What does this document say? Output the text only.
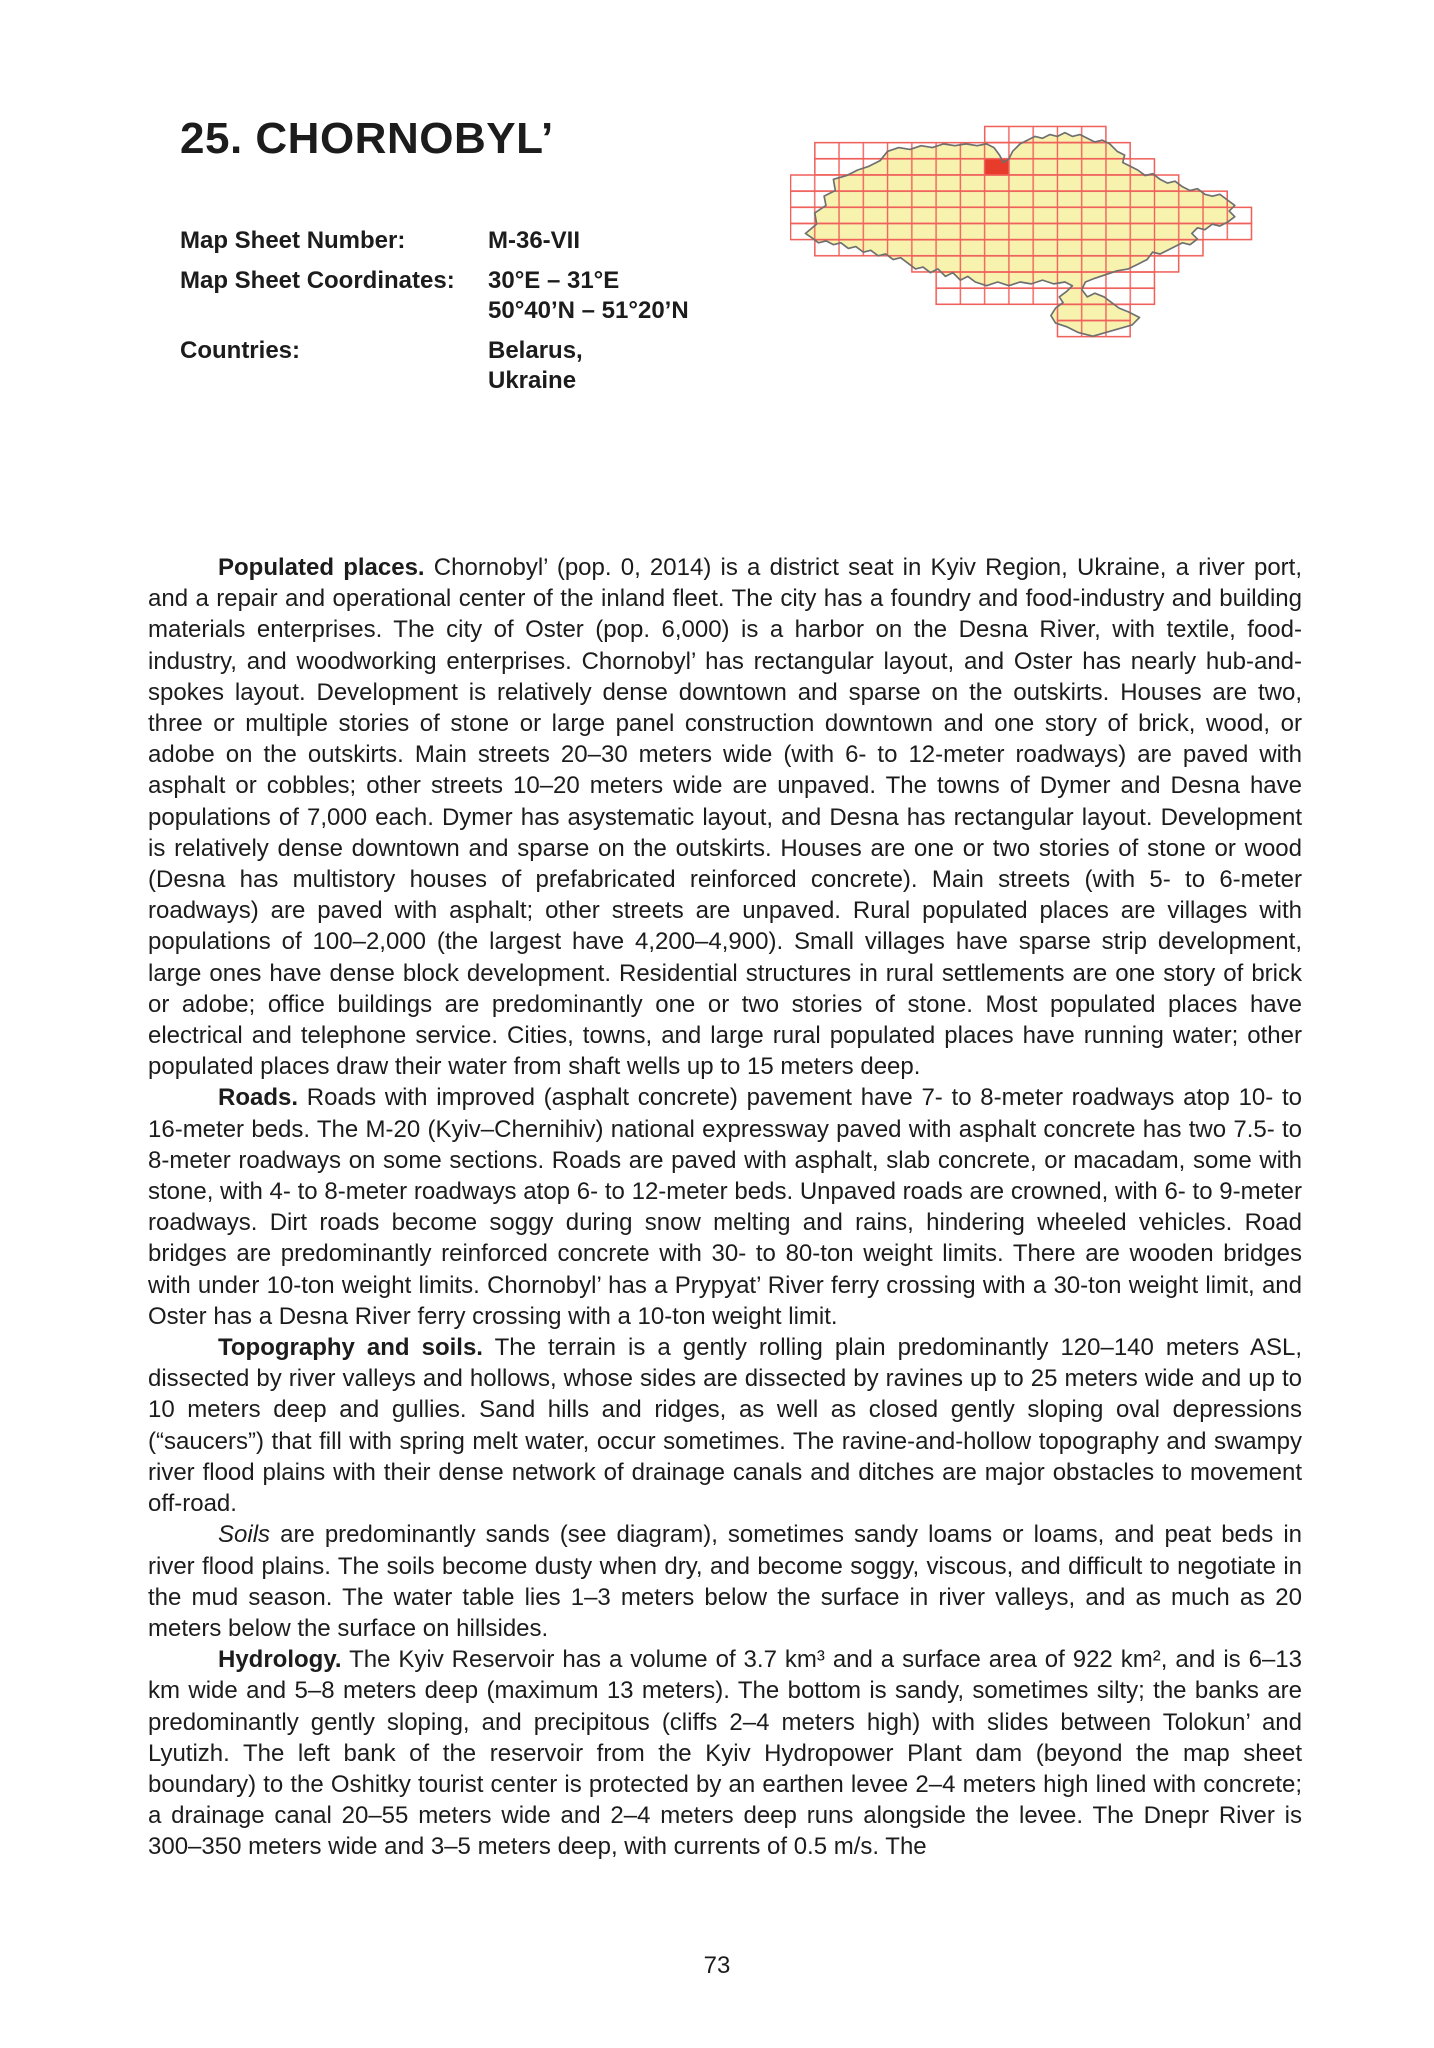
25. CHORNOBYL’
Map Sheet Number:	M-36-VII
Map Sheet Coordinates:	30°E – 31°E
50°40’N – 51°20’N
Countries:	Belarus,
Ukraine

Populated places. Chornobyl’ (pop. 0, 2014) is a district seat in Kyiv Region, Ukraine, a river port, and a repair and operational center of the inland fleet. The city has a foundry and food-industry and building materials enterprises. The city of Oster (pop. 6,000) is a harbor on the Desna River, with textile, food-industry, and woodworking enterprises. Chornobyl’ has rectangular layout, and Oster has nearly hub-and-spokes layout. Development is relatively dense downtown and sparse on the outskirts. Houses are two, three or multiple stories of stone or large panel construction downtown and one story of brick, wood, or adobe on the outskirts. Main streets 20–30 meters wide (with 6- to 12-meter roadways) are paved with asphalt or cobbles; other streets 10–20 meters wide are unpaved. The towns of Dymer and Desna have populations of 7,000 each. Dymer has asystematic layout, and Desna has rectangular layout. Development is relatively dense downtown and sparse on the outskirts. Houses are one or two stories of stone or wood (Desna has multistory houses of prefabricated reinforced concrete). Main streets (with 5- to 6-meter roadways) are paved with asphalt; other streets are unpaved. Rural populated places are villages with populations of 100–2,000 (the largest have 4,200–4,900). Small villages have sparse strip development, large ones have dense block development. Residential structures in rural settlements are one story of brick or adobe; office buildings are predominantly one or two stories of stone. Most populated places have electrical and telephone service. Cities, towns, and large rural populated places have running water; other populated places draw their water from shaft wells up to 15 meters deep.

Roads. Roads with improved (asphalt concrete) pavement have 7- to 8-meter roadways atop 10- to 16-meter beds. The M-20 (Kyiv–Chernihiv) national expressway paved with asphalt concrete has two 7.5- to 8-meter roadways on some sections. Roads are paved with asphalt, slab concrete, or macadam, some with stone, with 4- to 8-meter roadways atop 6- to 12-meter beds. Unpaved roads are crowned, with 6- to 9-meter roadways. Dirt roads become soggy during snow melting and rains, hindering wheeled vehicles. Road bridges are predominantly reinforced concrete with 30- to 80-ton weight limits. There are wooden bridges with under 10-ton weight limits. Chornobyl’ has a Prypyat’ River ferry crossing with a 30-ton weight limit, and Oster has a Desna River ferry crossing with a 10-ton weight limit.

Topography and soils. The terrain is a gently rolling plain predominantly 120–140 meters ASL, dissected by river valleys and hollows, whose sides are dissected by ravines up to 25 meters wide and up to 10 meters deep and gullies. Sand hills and ridges, as well as closed gently sloping oval depressions (“saucers”) that fill with spring melt water, occur sometimes. The ravine-and-hollow topography and swampy river flood plains with their dense network of drainage canals and ditches are major obstacles to movement off-road.

Soils are predominantly sands (see diagram), sometimes sandy loams or loams, and peat beds in river flood plains. The soils become dusty when dry, and become soggy, viscous, and difficult to negotiate in the mud season. The water table lies 1–3 meters below the surface in river valleys, and as much as 20 meters below the surface on hillsides.

Hydrology. The Kyiv Reservoir has a volume of 3.7 km³ and a surface area of 922 km², and is 6–13 km wide and 5–8 meters deep (maximum 13 meters). The bottom is sandy, sometimes silty; the banks are predominantly gently sloping, and precipitous (cliffs 2–4 meters high) with slides between Tolokun’ and Lyutizh. The left bank of the reservoir from the Kyiv Hydropower Plant dam (beyond the map sheet boundary) to the Oshitky tourist center is protected by an earthen levee 2–4 meters high lined with concrete; a drainage canal 20–55 meters wide and 2–4 meters deep runs alongside the levee. The Dnepr River is 300–350 meters wide and 3–5 meters deep, with currents of 0.5 m/s. The

73
